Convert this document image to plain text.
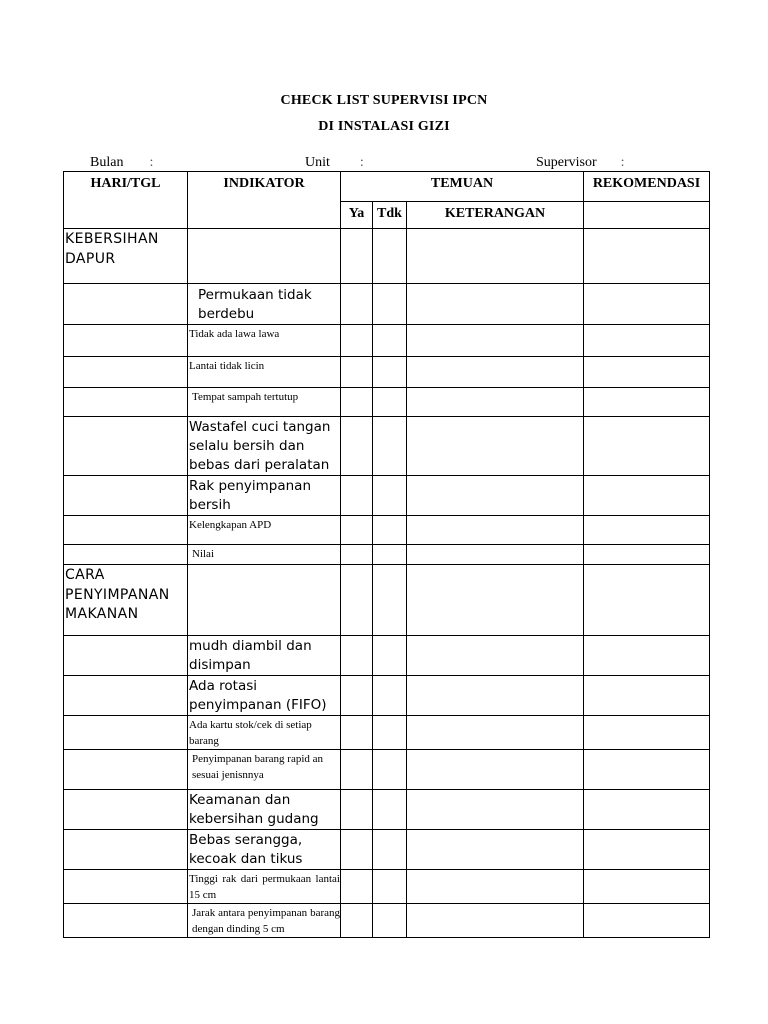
CHECK LIST SUPERVISI IPCN
DI INSTALASI GIZI
Bulan :	Unit :	Supervisor :
HARI/TGL	INDIKATOR	TEMUAN			REKOMENDASI
		Ya	Tdk	KETERANGAN	
KEBERSIHAN DAPUR					
	Permukaan tidak berdebu				
	Tidak ada lawa lawa				
	Lantai tidak licin				
	Tempat sampah tertutup				
	Wastafel cuci tangan selalu bersih dan bebas dari peralatan				
	Rak penyimpanan bersih				
	Kelengkapan APD				
	Nilai				
CARA PENYIMPANAN MAKANAN					
	mudh diambil dan disimpan				
	Ada rotasi penyimpanan (FIFO)				
	Ada kartu stok/cek di setiap barang				
	Penyimpanan barang rapid an sesuai jenisnnya				
	Keamanan dan kebersihan gudang				
	Bebas serangga, kecoak dan tikus				
	Tinggi rak dari permukaan lantai 15 cm				
	Jarak antara penyimpanan barang dengan dinding 5 cm				
